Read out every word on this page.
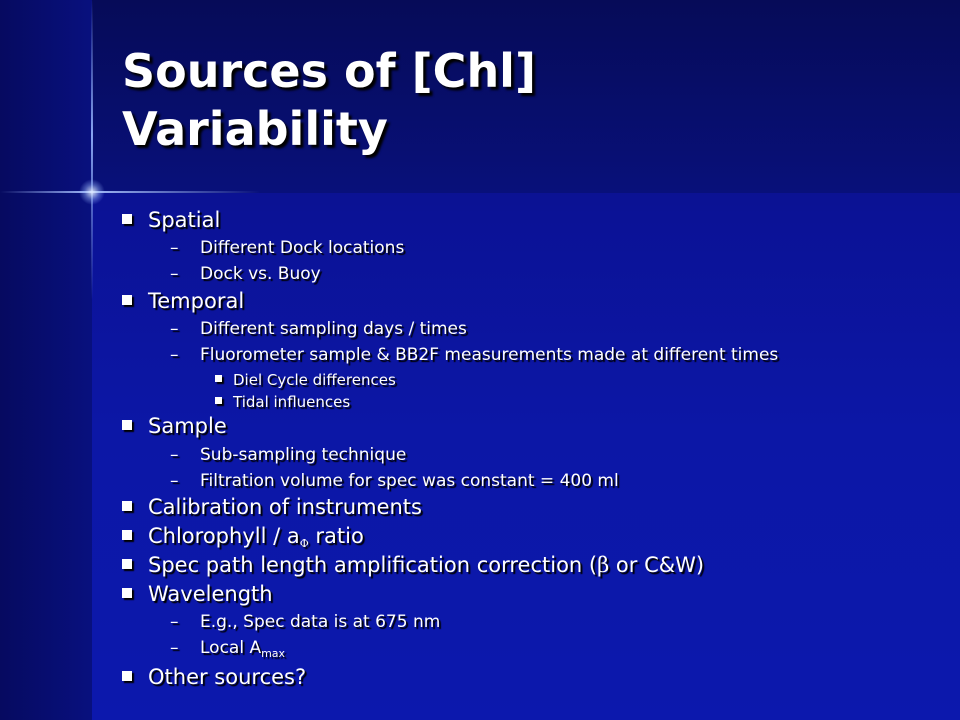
Sources of [Chl]
Variability
Spatial
– Different Dock locations
– Dock vs. Buoy
Temporal
– Different sampling days / times
– Fluorometer sample & BB2F measurements made at different times
Diel Cycle differences
Tidal influences
Sample
– Sub-sampling technique
– Filtration volume for spec was constant = 400 ml
Calibration of instruments
Chlorophyll / $a_\Phi$ ratio
Spec path length amplification correction (β or C&W)
Wavelength
– E.g., Spec data is at 675 nm
– Local $A_{max}$
Other sources?
